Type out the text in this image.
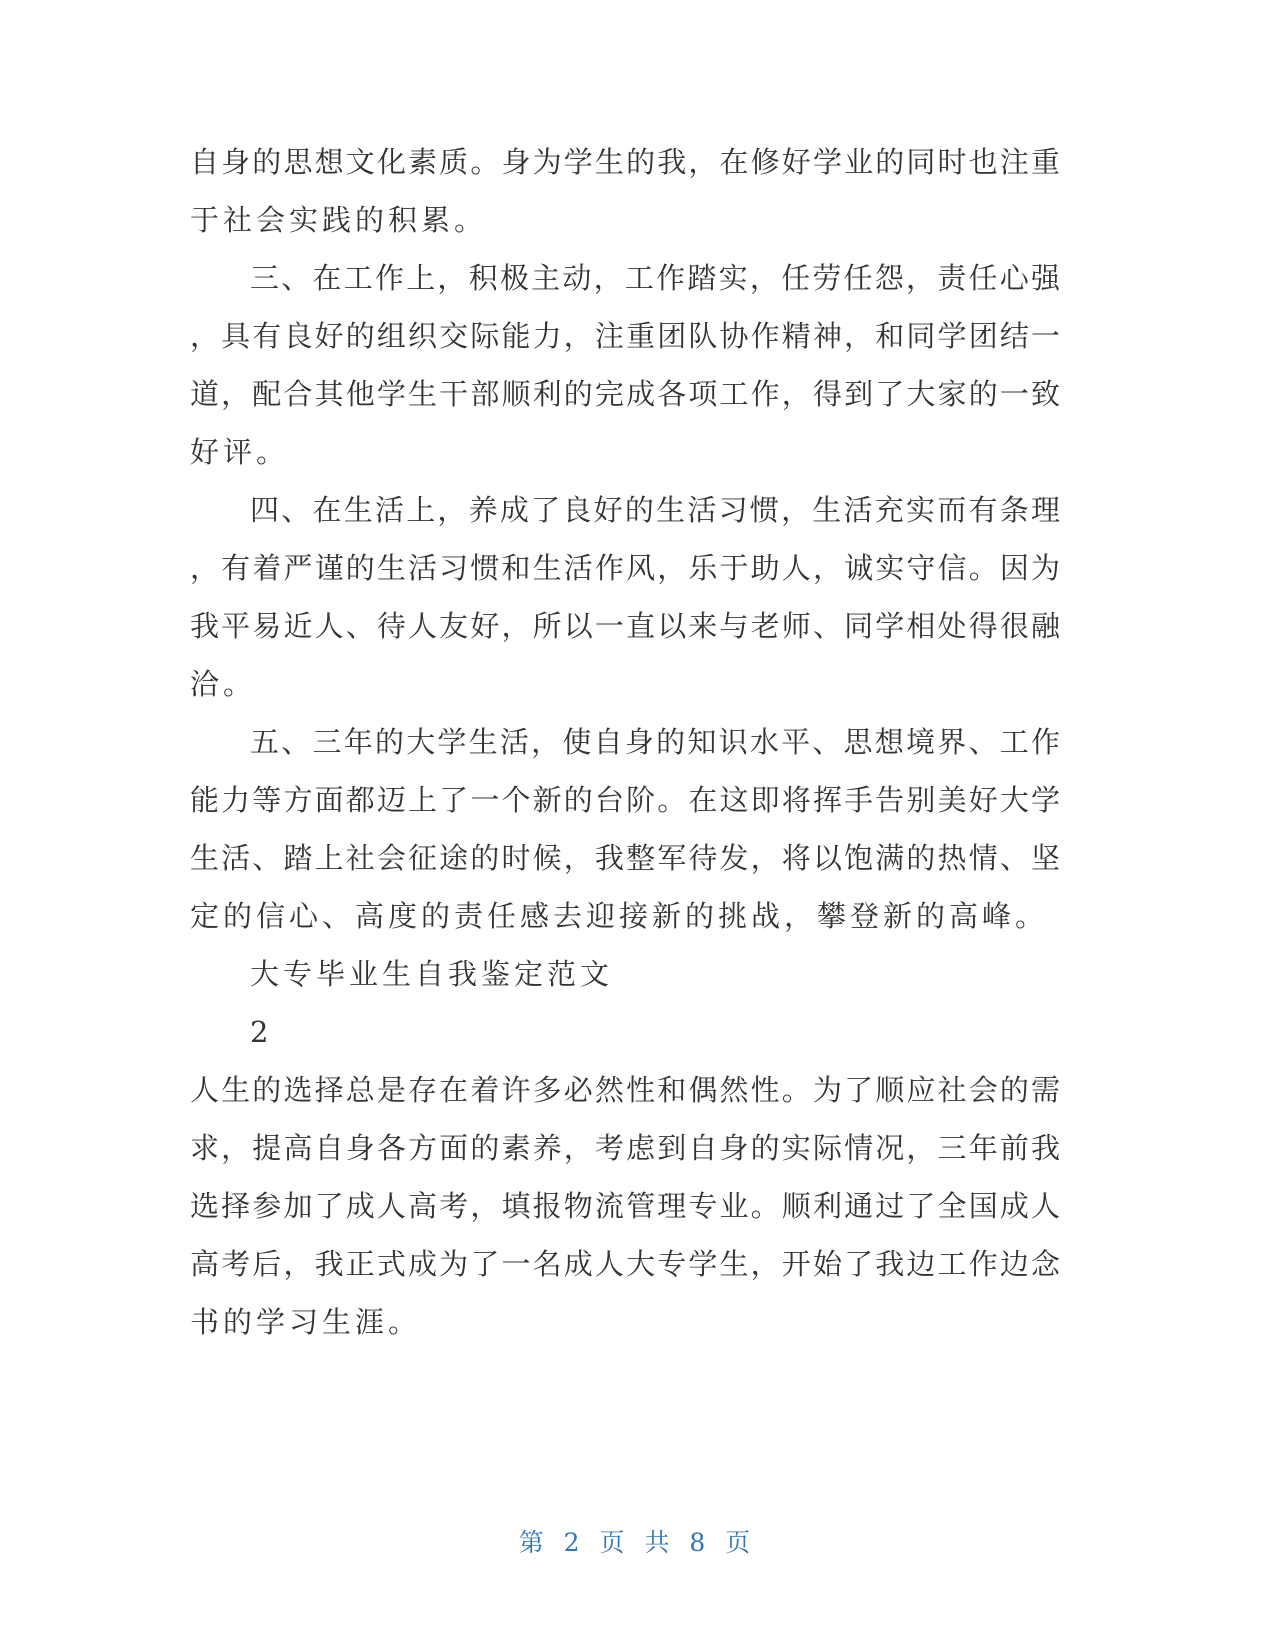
自身的思想文化素质。身为学生的我，在修好学业的同时也注重
于社会实践的积累。
三、在工作上，积极主动，工作踏实，任劳任怨，责任心强
，具有良好的组织交际能力，注重团队协作精神，和同学团结一
道，配合其他学生干部顺利的完成各项工作，得到了大家的一致
好评。
四、在生活上，养成了良好的生活习惯，生活充实而有条理
，有着严谨的生活习惯和生活作风，乐于助人，诚实守信。因为
我平易近人、待人友好，所以一直以来与老师、同学相处得很融
洽。
五、三年的大学生活，使自身的知识水平、思想境界、工作
能力等方面都迈上了一个新的台阶。在这即将挥手告别美好大学
生活、踏上社会征途的时候，我整军待发，将以饱满的热情、坚
定的信心、高度的责任感去迎接新的挑战，攀登新的高峰。
大专毕业生自我鉴定范文
2
人生的选择总是存在着许多必然性和偶然性。为了顺应社会的需
求，提高自身各方面的素养，考虑到自身的实际情况，三年前我
选择参加了成人高考，填报物流管理专业。顺利通过了全国成人
高考后，我正式成为了一名成人大专学生，开始了我边工作边念
书的学习生涯。
第 2 页 共 8 页
